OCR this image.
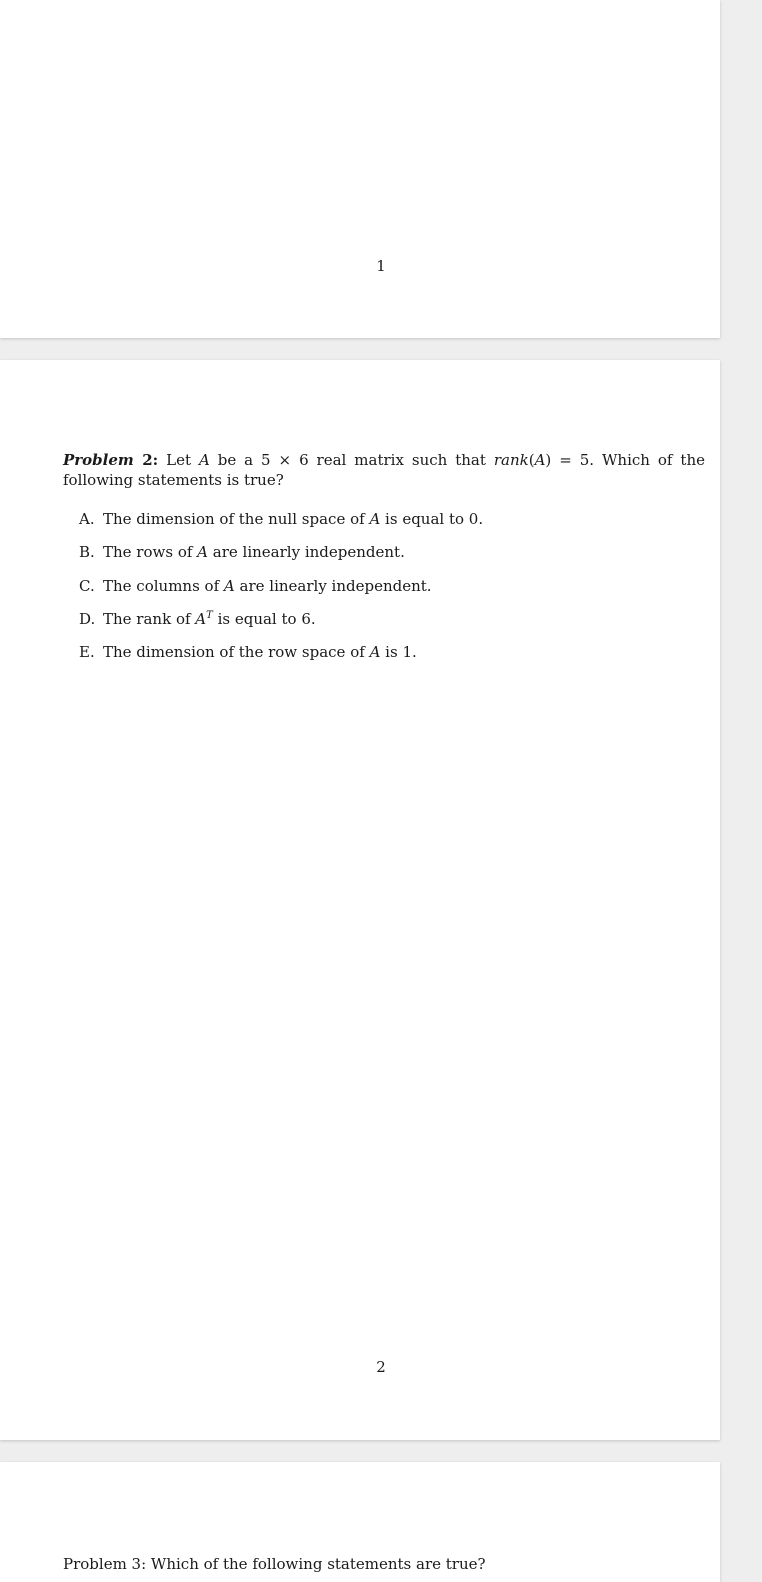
1
Problem 2: Let A be a 5 × 6 real matrix such that rank(A) = 5. Which of the following statements is true?
A. The dimension of the null space of A is equal to 0.
B. The rows of A are linearly independent.
C. The columns of A are linearly independent.
D. The rank of $A^T$ is equal to 6.
E. The dimension of the row space of A is 1.
2
Problem 3: Which of the following statements are true?
